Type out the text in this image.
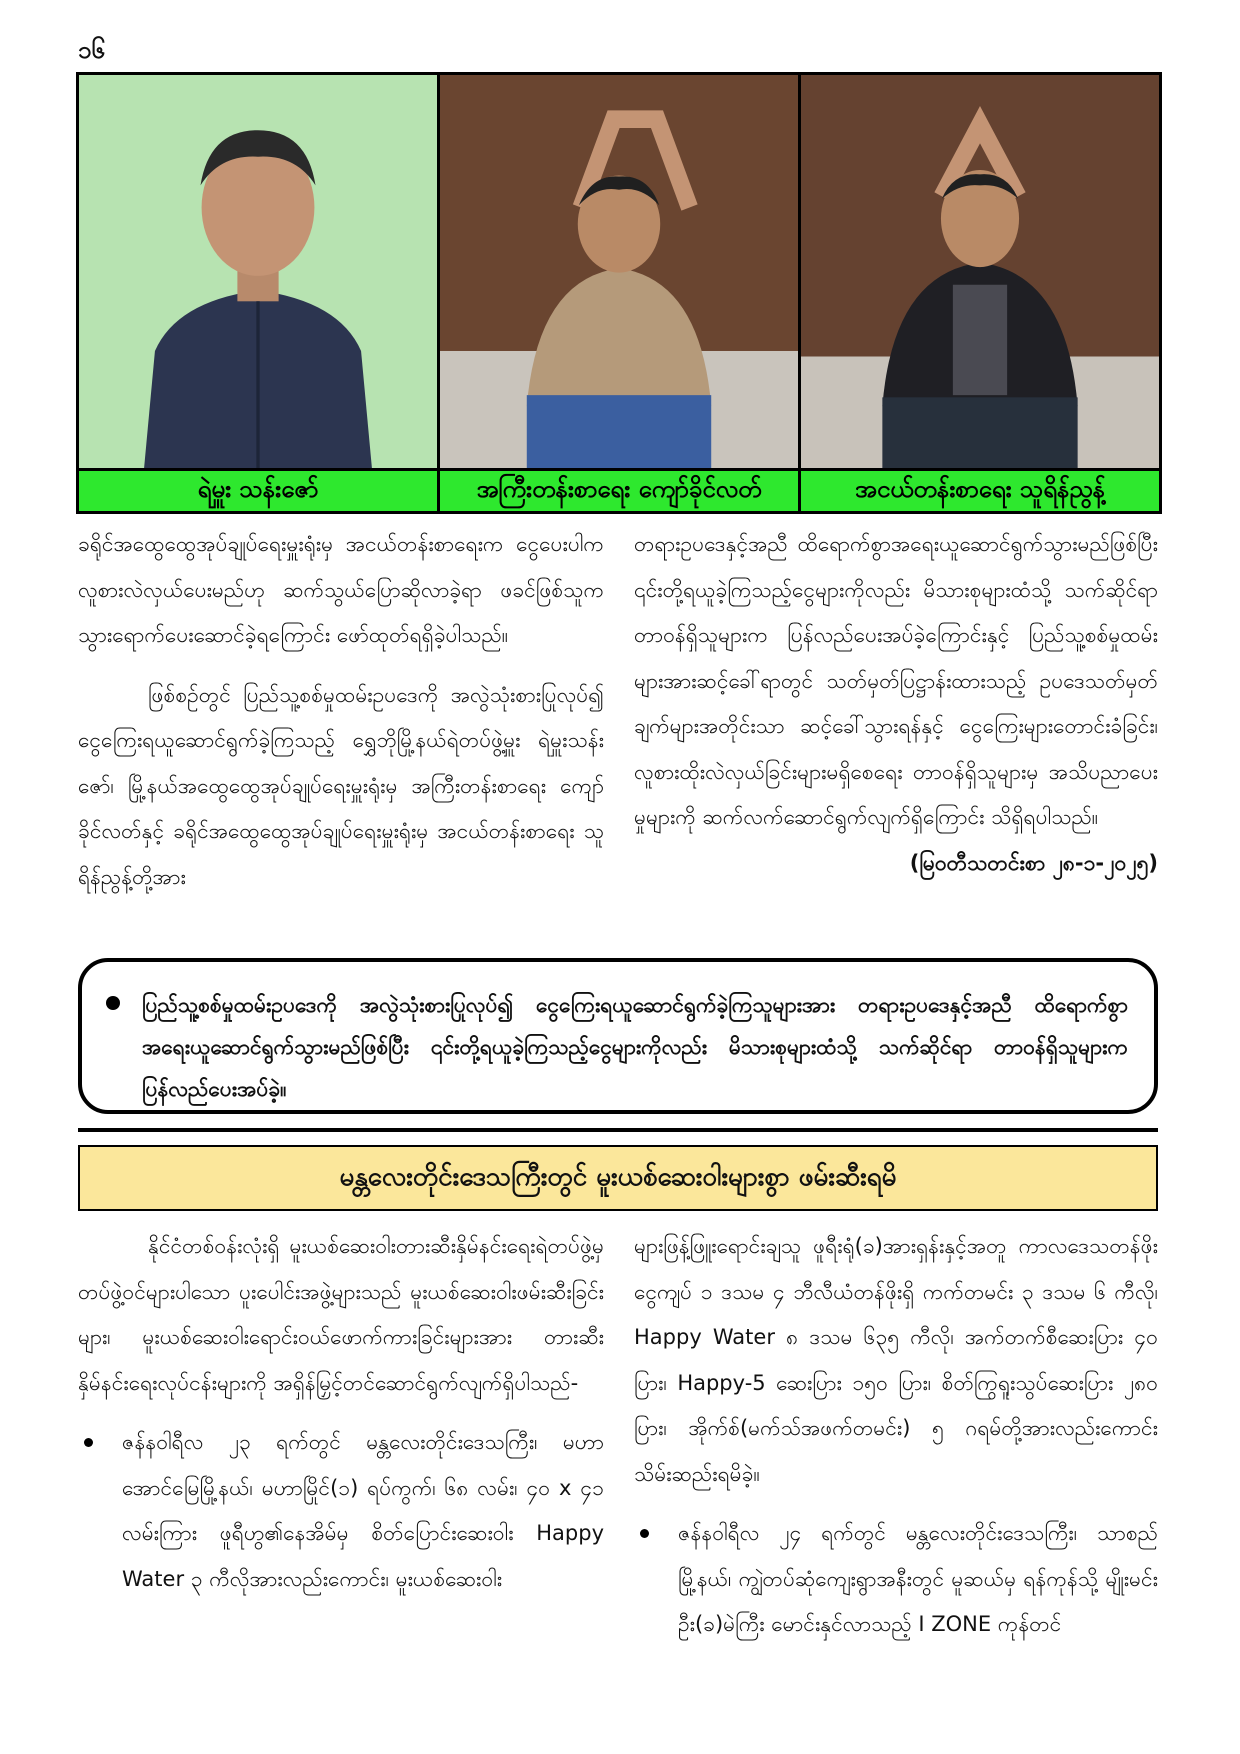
၁၆
ရဲမှူး သန်းဇော်	အကြီးတန်းစာရေး ကျော်ခိုင်လတ်	အငယ်တန်းစာရေး သူရိန်ညွန့်

ခရိုင်အထွေထွေအုပ်ချုပ်ရေးမှူးရုံးမှ အငယ်တန်းစာရေးက ငွေပေးပါက လူစားလဲလှယ်ပေးမည်ဟု ဆက်သွယ်ပြောဆိုလာခဲ့ရာ ဖခင်ဖြစ်သူက သွားရောက်ပေးဆောင်ခဲ့ရကြောင်း ဖော်ထုတ်ရရှိခဲ့ပါသည်။

ဖြစ်စဉ်တွင် ပြည်သူ့စစ်မှုထမ်းဥပဒေကို အလွဲသုံးစားပြုလုပ်၍ ငွေကြေးရယူဆောင်ရွက်ခဲ့ကြသည့် ရွှေဘိုမြို့နယ်ရဲတပ်ဖွဲ့မှူး ရဲမှူးသန်းဇော်၊ မြို့နယ်အထွေထွေအုပ်ချုပ်ရေးမှူးရုံးမှ အကြီးတန်းစာရေး ကျော်ခိုင်လတ်နှင့် ခရိုင်အထွေထွေအုပ်ချုပ်ရေးမှူးရုံးမှ အငယ်တန်းစာရေး သူရိန်ညွန့်တို့အား

တရားဥပဒေနှင့်အညီ ထိရောက်စွာအရေးယူဆောင်ရွက်သွားမည်ဖြစ်ပြီး ၎င်းတို့ရယူခဲ့ကြသည့်ငွေများကိုလည်း မိသားစုများထံသို့ သက်ဆိုင်ရာတာဝန်ရှိသူများက ပြန်လည်ပေးအပ်ခဲ့ကြောင်းနှင့် ပြည်သူ့စစ်မှုထမ်းများအားဆင့်ခေါ်ရာတွင် သတ်မှတ်ပြဋ္ဌာန်းထားသည့် ဥပဒေသတ်မှတ်ချက်များအတိုင်းသာ ဆင့်ခေါ်သွားရန်နှင့် ငွေကြေးများတောင်းခံခြင်း၊ လူစားထိုးလဲလှယ်ခြင်းများမရှိစေရေး တာဝန်ရှိသူများမှ အသိပညာပေးမှုများကို ဆက်လက်ဆောင်ရွက်လျက်ရှိကြောင်း သိရှိရပါသည်။

(မြဝတီသတင်းစာ ၂၈-၁-၂၀၂၅)

ပြည်သူ့စစ်မှုထမ်းဥပဒေကို အလွဲသုံးစားပြုလုပ်၍ ငွေကြေးရယူဆောင်ရွက်ခဲ့ကြသူများအား တရားဥပဒေနှင့်အညီ ထိရောက်စွာအရေးယူဆောင်ရွက်သွားမည်ဖြစ်ပြီး ၎င်းတို့ရယူခဲ့ကြသည့်ငွေများကိုလည်း မိသားစုများထံသို့ သက်ဆိုင်ရာ တာဝန်ရှိသူများက ပြန်လည်ပေးအပ်ခဲ့။
မန္တလေးတိုင်းဒေသကြီးတွင် မူးယစ်ဆေးဝါးများစွာ ဖမ်းဆီးရမိ

နိုင်ငံတစ်ဝန်းလုံးရှိ မူးယစ်ဆေးဝါးတားဆီးနှိမ်နင်းရေးရဲတပ်ဖွဲ့မှ တပ်ဖွဲ့ဝင်များပါသော ပူးပေါင်းအဖွဲ့များသည် မူးယစ်ဆေးဝါးဖမ်းဆီးခြင်းများ၊ မူးယစ်ဆေးဝါးရောင်းဝယ်ဖောက်ကားခြင်းများအား တားဆီးနှိမ်နင်းရေးလုပ်ငန်းများကို အရှိန်မြှင့်တင်ဆောင်ရွက်လျက်ရှိပါသည်-

ဇန်နဝါရီလ ၂၃ ရက်တွင် မန္တလေးတိုင်းဒေသကြီး၊ မဟာအောင်မြေမြို့နယ်၊ မဟာမြိုင်(၁) ရပ်ကွက်၊ ၆၈ လမ်း၊ ၄၀ x ၄၁ လမ်းကြား ဖူရီဟွ၏နေအိမ်မှ စိတ်ပြောင်းဆေးဝါး Happy Water ၃ ကီလိုအားလည်းကောင်း၊ မူးယစ်ဆေးဝါး

များဖြန့်ဖြူးရောင်းချသူ ဖူရီးရုံ(ခ)အားရှန်းနှင့်အတူ ကာလဒေသတန်ဖိုးငွေကျပ် ၁ ဒသမ ၄ ဘီလီယံတန်ဖိုးရှိ ကက်တမင်း ၃ ဒသမ ၆ ကီလို၊ Happy Water ၈ ဒသမ ၆၃၅ ကီလို၊ အက်တက်စီဆေးပြား ၄၀ ပြား၊ Happy-5 ဆေးပြား ၁၅၀ ပြား၊ စိတ်ကြွရူးသွပ်ဆေးပြား ၂၈၀ ပြား၊ အိုက်စ်(မက်သ်အဖက်တမင်း) ၅ ဂရမ်တို့အားလည်းကောင်း သိမ်းဆည်းရမိခဲ့။

ဇန်နဝါရီလ ၂၄ ရက်တွင် မန္တလေးတိုင်းဒေသကြီး၊ သာစည်မြို့နယ်၊ ကျွဲတပ်ဆုံကျေးရွာအနီးတွင် မူဆယ်မှ ရန်ကုန်သို့ မျိုးမင်းဦး(ခ)မဲကြီး မောင်းနှင်လာသည့် I ZONE ကုန်တင်
